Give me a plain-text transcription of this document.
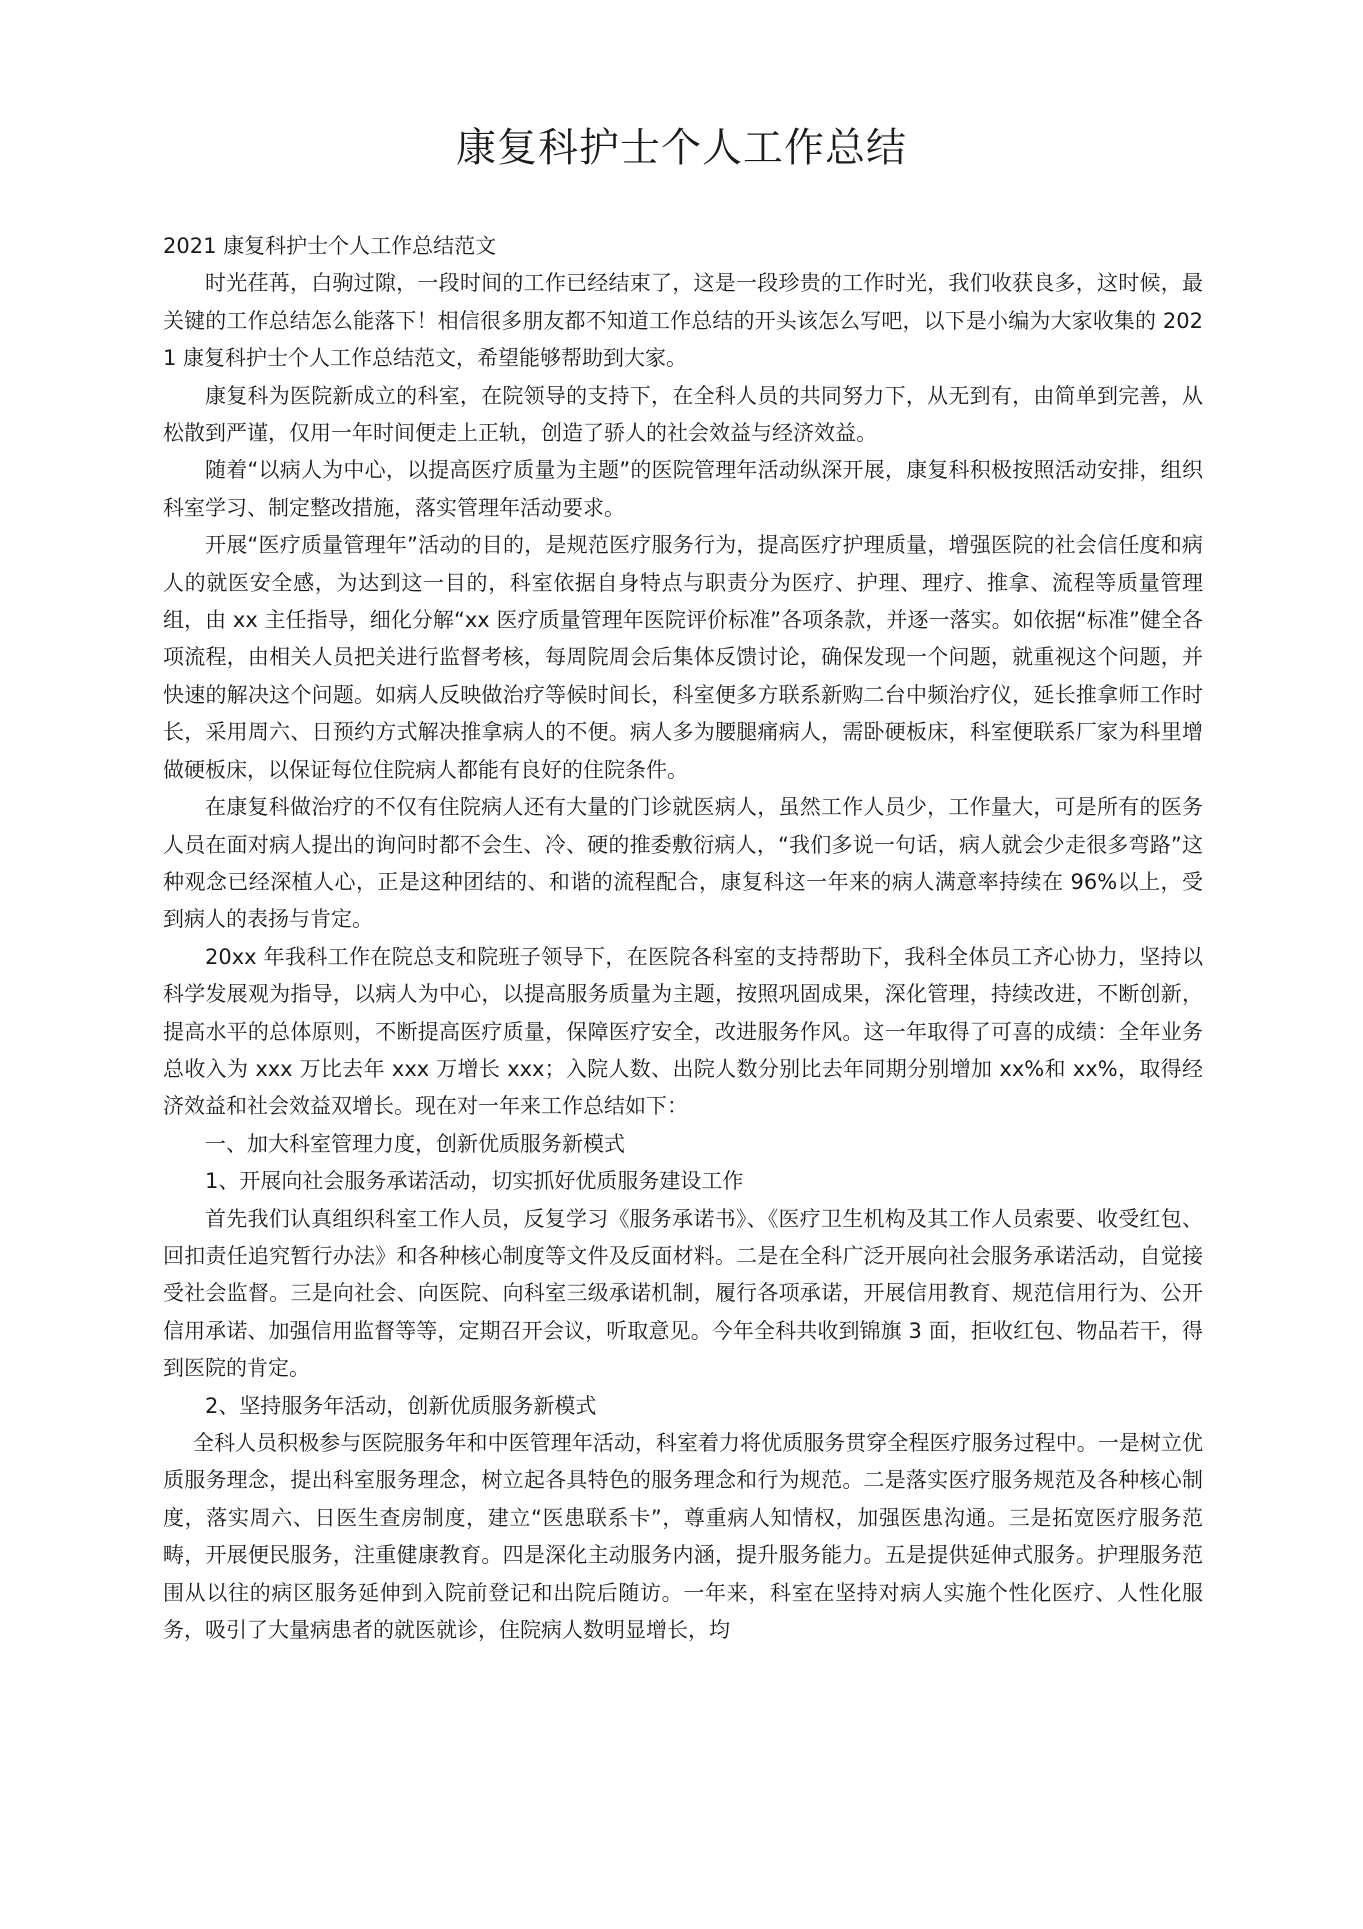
康复科护士个人工作总结

2021 康复科护士个人工作总结范文

时光荏苒，白驹过隙，一段时间的工作已经结束了，这是一段珍贵的工作时光，我们收获良多，这时候，最关键的工作总结怎么能落下！相信很多朋友都不知道工作总结的开头该怎么写吧，以下是小编为大家收集的 2021 康复科护士个人工作总结范文，希望能够帮助到大家。

康复科为医院新成立的科室，在院领导的支持下，在全科人员的共同努力下，从无到有，由简单到完善，从松散到严谨，仅用一年时间便走上正轨，创造了骄人的社会效益与经济效益。

随着“以病人为中心，以提高医疗质量为主题”的医院管理年活动纵深开展，康复科积极按照活动安排，组织科室学习、制定整改措施，落实管理年活动要求。

开展“医疗质量管理年”活动的目的，是规范医疗服务行为，提高医疗护理质量，增强医院的社会信任度和病人的就医安全感，为达到这一目的，科室依据自身特点与职责分为医疗、护理、理疗、推拿、流程等质量管理组，由 xx 主任指导，细化分解“xx 医疗质量管理年医院评价标准”各项条款，并逐一落实。如依据“标准”健全各项流程，由相关人员把关进行监督考核，每周院周会后集体反馈讨论，确保发现一个问题，就重视这个问题，并快速的解决这个问题。如病人反映做治疗等候时间长，科室便多方联系新购二台中频治疗仪，延长推拿师工作时长，采用周六、日预约方式解决推拿病人的不便。病人多为腰腿痛病人，需卧硬板床，科室便联系厂家为科里增做硬板床，以保证每位住院病人都能有良好的住院条件。

在康复科做治疗的不仅有住院病人还有大量的门诊就医病人，虽然工作人员少，工作量大，可是所有的医务人员在面对病人提出的询问时都不会生、冷、硬的推委敷衍病人，“我们多说一句话，病人就会少走很多弯路”这种观念已经深植人心，正是这种团结的、和谐的流程配合，康复科这一年来的病人满意率持续在 96%以上，受到病人的表扬与肯定。

20xx 年我科工作在院总支和院班子领导下，在医院各科室的支持帮助下，我科全体员工齐心协力，坚持以科学发展观为指导，以病人为中心，以提高服务质量为主题，按照巩固成果，深化管理，持续改进，不断创新，提高水平的总体原则，不断提高医疗质量，保障医疗安全，改进服务作风。这一年取得了可喜的成绩：全年业务总收入为 xxx 万比去年 xxx 万增长 xxx；入院人数、出院人数分别比去年同期分别增加 xx%和 xx%，取得经济效益和社会效益双增长。现在对一年来工作总结如下：

一、加大科室管理力度，创新优质服务新模式

1、开展向社会服务承诺活动，切实抓好优质服务建设工作

首先我们认真组织科室工作人员，反复学习《服务承诺书》、《医疗卫生机构及其工作人员索要、收受红包、回扣责任追究暂行办法》和各种核心制度等文件及反面材料。二是在全科广泛开展向社会服务承诺活动，自觉接受社会监督。三是向社会、向医院、向科室三级承诺机制，履行各项承诺，开展信用教育、规范信用行为、公开信用承诺、加强信用监督等等，定期召开会议，听取意见。今年全科共收到锦旗 3 面，拒收红包、物品若干，得到医院的肯定。

2、坚持服务年活动，创新优质服务新模式

全科人员积极参与医院服务年和中医管理年活动，科室着力将优质服务贯穿全程医疗服务过程中。一是树立优质服务理念，提出科室服务理念，树立起各具特色的服务理念和行为规范。二是落实医疗服务规范及各种核心制度，落实周六、日医生查房制度，建立“医患联系卡”，尊重病人知情权，加强医患沟通。三是拓宽医疗服务范畴，开展便民服务，注重健康教育。四是深化主动服务内涵，提升服务能力。五是提供延伸式服务。护理服务范围从以往的病区服务延伸到入院前登记和出院后随访。一年来，科室在坚持对病人实施个性化医疗、人性化服务，吸引了大量病患者的就医就诊，住院病人数明显增长，均
